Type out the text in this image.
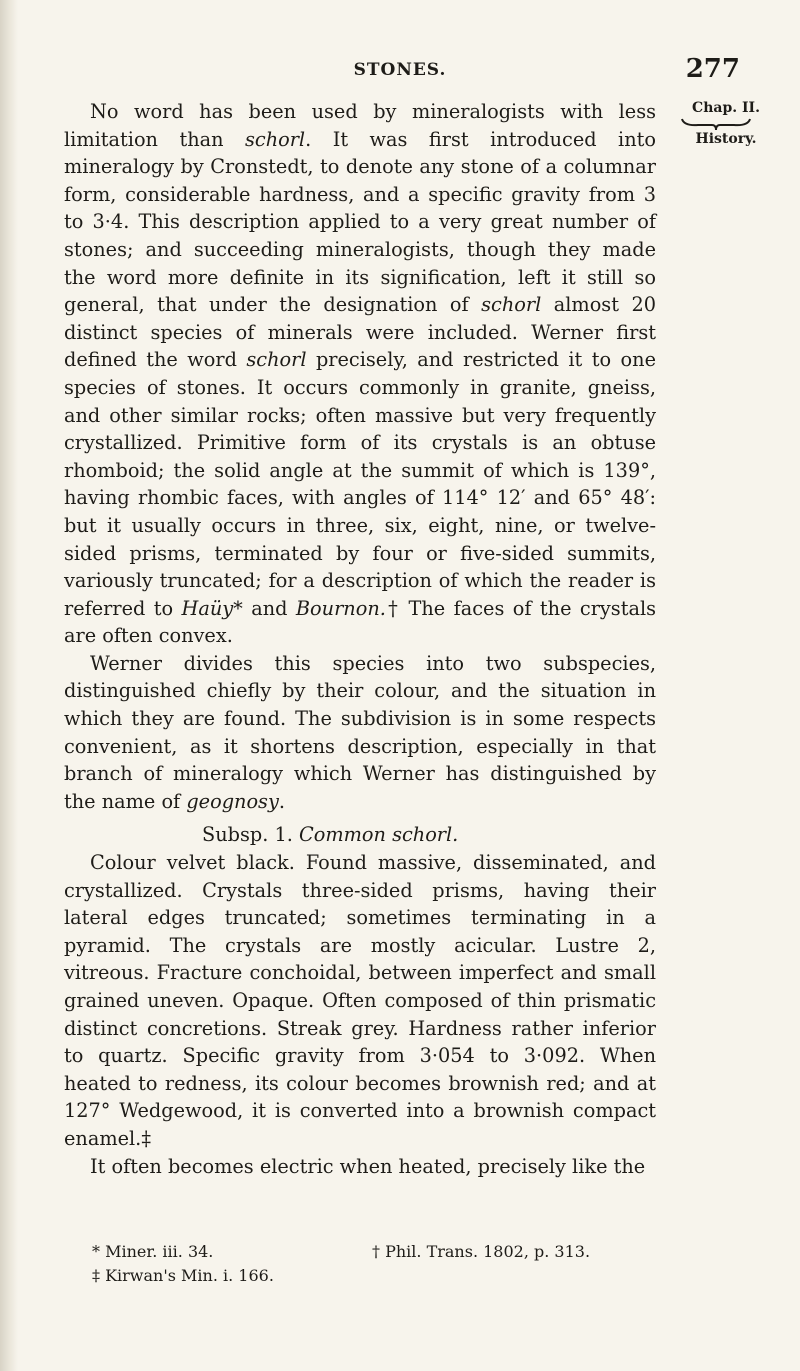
STONES.	277
Chap. II.
History.

No word has been used by mineralogists with less limitation than schorl. It was first introduced into mineralogy by Cronstedt, to denote any stone of a columnar form, considerable hardness, and a specific gravity from 3 to 3·4. This description applied to a very great number of stones; and succeeding mineralogists, though they made the word more definite in its signification, left it still so general, that under the designation of schorl almost 20 distinct species of minerals were included. Werner first defined the word schorl precisely, and restricted it to one species of stones. It occurs commonly in granite, gneiss, and other similar rocks; often massive but very frequently crystallized. Primitive form of its crystals is an obtuse rhomboid; the solid angle at the summit of which is 139°, having rhombic faces, with angles of 114° 12′ and 65° 48′: but it usually occurs in three, six, eight, nine, or twelve-sided prisms, terminated by four or five-sided summits, variously truncated; for a description of which the reader is referred to Haüy* and Bournon.† The faces of the crystals are often convex.

Werner divides this species into two subspecies, distinguished chiefly by their colour, and the situation in which they are found. The subdivision is in some respects convenient, as it shortens description, especially in that branch of mineralogy which Werner has distinguished by the name of geognosy.

Subsp. 1. Common schorl.

Colour velvet black. Found massive, disseminated, and crystallized. Crystals three-sided prisms, having their lateral edges truncated; sometimes terminating in a pyramid. The crystals are mostly acicular. Lustre 2, vitreous. Fracture conchoidal, between imperfect and small grained uneven. Opaque. Often composed of thin prismatic distinct concretions. Streak grey. Hardness rather inferior to quartz. Specific gravity from 3·054 to 3·092. When heated to redness, its colour becomes brownish red; and at 127° Wedgewood, it is converted into a brownish compact enamel.‡

It often becomes electric when heated, precisely like the

* Miner. iii. 34.	† Phil. Trans. 1802, p. 313.
‡ Kirwan's Min. i. 166.
